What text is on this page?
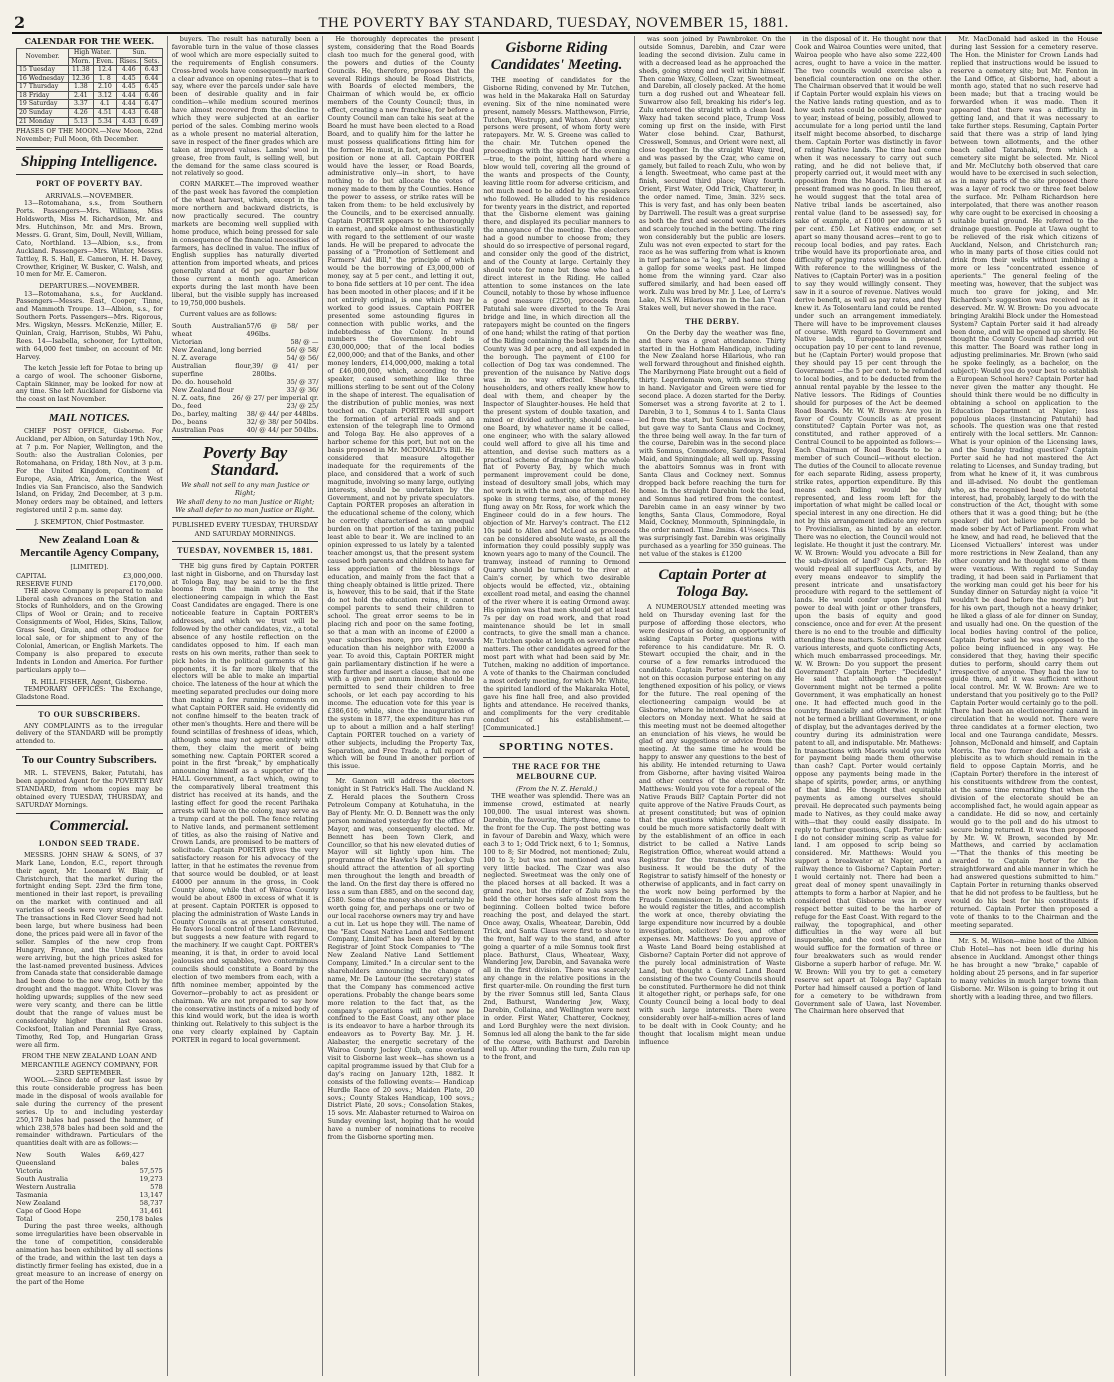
2	THE POVERTY BAY STANDARD, TUESDAY, NOVEMBER 15, 1881.
CALENDAR FOR THE WEEK.
November.	High Water.		Sun.	
	Morn.	Even.	Rises.	Sets.
15 Tuesday	11.38	12.4	4.46	6.43
16 Wednesday	12.36	1. 8	4.45	6.44
17 Thursday	1.38	2.10	4.45	6.45
18 Friday	2.41	3.12	4.44	6.46
19 Saturday	3.37	4.1	4.44	6.47
20 Sunday	4.26	4.51	4.43	6.48
21 Monday	5.13	5.34	4.43	6.49

PHASES OF THE MOON.—New Moon, 22nd November; Full Moon, 6th December.

Shipping Intelligence.
PORT OF POVERTY BAY.
ARRIVALS.—NOVEMBER.

13—Rotomahana, s.s., from Southern Ports. Passengers—Mrs. Williams, Miss Holdsworth, Miss M. Richardson, Mr. and Mrs. Hutchinson, Mr. and Mrs. Brown, Messrs. G. Grant, Sim, Doull, Nevill, William, Cato, Northland. 13—Albion, s.s., from Auckland. Passengers—Mrs. Winter, Messrs. Tattley, R. S. Hall, E. Cameron, H. H. Davey, Crowther, Kriginer, W. Busker, C. Walsh, and 10 men for Mr. E. Cameron.

DEPARTURES.—NOVEMBER.

13—Rotomahana, s.s., for Auckland. Passengers—Messrs. East, Cooper, Tinne, and Mammoth Troupe. 13—Albion, s.s., for Southern Ports. Passengers—Mrs. Rigorous, Mrs. Wigskyn, Messrs. McKenzie, Miller, E. Quinlan, Craig, Harrison, Stubbs, Wi Pahu, Rees. 14—Isabella, schooner, for Lyttelton, with 64,000 feet timber, on account of Mr. Harvey.

The ketch Jessie left for Potae to bring up a cargo of wool. The schooner Gisborne, Captain Skinner, may be looked for now at any time. She left Auckland for Gisborne via the coast on last November.

MAIL NOTICES.

CHIEF POST OFFICE, Gisborne. For Auckland, per Albion, on Saturday 19th Nov., at 7 p.m. For Napier, Wellington, and the South: also the Australian Colonies, per Rotomahana, on Friday, 18th Nov., at 3 p.m. For the United Kingdom, Continent of Europe, Asia, Africa, America, the West Indies via San Francisco, also the Sandwich Island, on Friday, 2nd December, at 3 p.m. Money orders may be obtained, and letters registered until 2 p.m. same day.

J. SKEMPTON, Chief Postmaster.
New Zealand Loan & Mercantile Agency Company,
[LIMITED].
CAPITAL	£3,000,000.
RESERVE FUND	£170,000.

THE above Company is prepared to make Liberal cash advances on the Station and Stocks of Runholders, and on the Growing Clips of Wool or Grain; and to receive Consignments of Wool, Hides, Skins, Tallow, Grass Seed, Grain, and other Produce for local sale, or for shipment to any of the Colonial, American, or English Markets. The Company is also prepared to execute Indents in London and America. For further particulars apply to—

R. HILL FISHER, Agent, Gisborne.

TEMPORARY OFFICES: The Exchange, Gladstone Road.

TO OUR SUBSCRIBERS.

ANY COMPLAINTS as to the irregular delivery of the STANDARD will be promptly attended to.

To our Country Subscribers.

MR. L. STEVENS, Baker, Patutahi, has been appointed Agent for the POVERTY BAY STANDARD, from whom copies may be obtained every TUESDAY, THURSDAY, and SATURDAY Mornings.

Commercial.
LONDON SEED TRADE.

MESSRS. JOHN SHAW & SONS, of 37 Mark Lane, London, E.C., report through their agent, Mr. Leonard W. Blair, of Christchurch, that the market during the fortnight ending Sept. 23rd the firm tone, mentioned in their last report, is prevailing on the market with continued and all varieties of seeds were very strongly held. The transactions in Red Clover Seed had not been large, but where business had been done, the prices paid were all in favor of the seller. Samples of the new crop from Hungary, France, and the United States were arriving, but the high prices asked for the last-named prevented business. Advices from Canada state that considerable damage had been done to the new crop, both by the drought and the maggot. White Clover was holding upwards; supplies of the new seed were very scanty, and there can be little doubt that the range of values must be considerably higher than last season. Cocksfoot, Italian and Perennial Rye Grass, Timothy, Red Top, and Hungarian Grass were all firm.

FROM THE NEW ZEALAND LOAN AND MERCANTILE AGENCY COMPANY, FOR 23RD SEPTEMBER.

WOOL.—Since date of our last issue by this route considerable progress has been made in the disposal of wools available for sale during the currency of the present series. Up to and including yesterday 250,178 bales had passed the hammer, of which 238,578 bales had been sold and the remainder withdrawn. Particulars of the quantities dealt with are as follows:—

New South Wales & Queensland
69,427 bales
Victoria	57,575
South Australia	19,273
Western Australia	578
Tasmania	13,147
New Zealand	58,737
Cape of Good Hope	31,461
Total	250,178 bales

During the past three weeks, although some irregularities have been observable in the tone of competition, considerable animation has been exhibited by all sections of the trade, and within the last ten days a distinctly firmer feeling has existed, due in a great measure to an increase of energy on the part of the Home

buyers. The result has naturally been a favorable turn in the value of those classes of wool which are more especially suited to the requirements of English consumers. Cross-bred wools have consequently marked a clear advance on opening rates—that is to say, where ever the parcels under sale have been of desirable quality and in fair condition—while medium scoured merinos have almost recovered from the decline to which they were subjected at an earlier period of the sales. Combing merino wools as a whole present no material alteration, save in respect of the finer grades which are taken at improved values. Lambs' wool in grease, free from fault, is selling well, but the demand for the same class scoured is not relatively so good.

CORN MARKET.—The improved weather of the past week has favored the completion of the wheat harvest, which, except in the more northern and backward districts, is now practically secured. The country markets are becoming well supplied with home produce, which being pressed for sale in consequence of the financial necessities of farmers, has declined in value. The influx of English supplies has naturally diverted attention from imported wheats, and prices generally stand at 6d per quarter below those current a month ago. American exports during the last month have been liberal, but the visible supply has increased to 19,750,000 bushels.

Current values are as follows:

South Australian wheat
57/6 @ 58/ per 496lbs.
Victorian	58/ @ —
New Zealand, long berried	56/ @ 58/
N. Z. average	54/ @ 56/
Australian flour, superfine
39/ @ 41/ per 280lbs.
Do. do. household	35/ @ 37/
New Zealand flour	33/ @ 36/
N. Z. oats, fine 26/ @ 27/ per imperial qr.
Do., feed	23/ @ 25/
Do., barley, malting 38/ @ 44/ per 448lbs.
Do., beans	32/ @ 38/ per 504lbs.
Australian Peas	40/ @ 44/ per 504lbs.
Poverty Bay Standard.
We shall not sell to any man Justice or Right;
We shall deny to no man Justice or Right;
We shall defer to no man Justice or Right.
PUBLISHED EVERY TUESDAY, THURSDAY AND SATURDAY MORNINGS.
TUESDAY, NOVEMBER 15, 1881.

THE big guns fired by Captain PORTER last night in Gisborne, and on Thursday last at Tologa Bay, may be said to be the first booms from the main army in the electioneering campaign in which the East Coast Candidates are engaged. There is one noticeable feature in Captain PORTER's addresses, and which we trust will be followed by the other candidates, viz., a total absence of any hostile reflection on the candidates opposed to him. If each man rests on his own merits, rather than seek to pick holes in the political garments of his opponents, it is far more likely that the electors will be able to make an impartial choice. The lateness of the hour at which the meeting separated precludes our doing more than making a few running comments on what Captain PORTER said. He evidently did not confine himself to the beaten track of other men's thoughts. Here and there will be found scintillas of freshness of ideas, which, although some may not agree entirely with them, they claim the merit of being something new. Captain PORTER scored a point in the first "break," by emphatically announcing himself as a supporter of the HALL Government, a fact which, owing to the comparatively liberal treatment this district has received at its hands, and the lasting effect for good the recent Parihaka arrests will have on the colony, may serve as a trump card at the poll. The fence relating to Native lands, and permanent settlement of titles, as also the raising of Native and Crown Lands, are promised to be matters of solicitude. Captain PORTER gives the very satisfactory reason for his advocacy of the latter, in that he estimates the revenue from that source would be doubled, or at least £4000 per annum in the gross, in Cook County alone, while that of Wairoa County would be about £800 in excess of what it is at present. Captain PORTER is opposed to placing the administration of Waste Lands in County Councils as at present constituted. He favors local control of the Land Revenue, but suggests a new feature with regard to the machinery. If we caught Capt. PORTER's meaning, it is that, in order to avoid local jealousies and squabbles, two conterminous councils should constitute a Board by the election of two members from each, with a fifth nominee member, appointed by the Governor—probably to act as president or chairman. We are not prepared to say how the conservative instincts of a mixed body of this kind would work, but the idea is worth thinking out. Relatively to this subject is the one very clearly explained by Captain PORTER in regard to local government.

He thoroughly deprecates the present system, considering that the Road Boards clash too much for the general good, with the powers and duties of the County Councils. He, therefore, proposes that the several Ridings should be Road Districts, with Boards of elected members, the Chairman of which would be, ex officio members of the County Council; thus, in effect, creating a new franchise, for before a County Council man can take his seat at the Board he must have been elected to a Road Board, and to qualify him for the latter he must possess qualifications fitting him for the former. He must, in fact, occupy the dual position or none at all. Captain PORTER would have the lesser, or Road Boards, administrative only—in short, to have nothing to do but allocate the votes of money made to them by the Counties. Hence the power to assess, or strike rates will be taken from them: to be held exclusively by the Councils, and to be exercised annually. Captain PORTER appears to be thoroughly in earnest, and spoke almost enthusiastically with regard to the settlement of our waste lands. He will be prepared to advocate the passing of a "Promotion of Settlement and Farmers' Aid Bill," the principle of which would be the borrowing of £3,000,000 of money, say at 5 per cent., and letting it out, to bona fide settlers at 10 per cent. The idea has been mooted in other places; and if it be not entirely original, is one which may be worked to good issues. Captain PORTER presented some astounding figures in connection with public works, and the indebtedness of the Colony. In round numbers the Government debt is £30,000,000; that of the local bodies £2,000,000; and that of the Banks, and other money lenders, £14,000,000, making a total of £46,000,000, which, according to the speaker, caused something like three millions sterling to be sent out of the Colony in the shape of interest. The equalisation of the distribution of public monies, was next touched on. Captain PORTER will support the formation of arterial roads and an extension of the telegraph line to Ormond and Tologa Bay. He also approves of a harbor scheme for this port, but not on the basis proposed in Mr. MCDONALD's Bill. He considered that measure altogether inadequate for the requirements of the place, and considered that a work of such magnitude, involving so many large, outlying interests, should be undertaken by the Government, and not by private speculators. Captain PORTER proposes an alteration in the educational scheme of the colony, which he correctly characterised as an unequal burden on that portion of the taxing public least able to bear it. We are inclined to an opinion expressed to us lately by a talented teacher amongst us, that the present system caused both parents and children to have far less appreciation of the blessings of education, and mainly from the fact that a thing cheaply obtained is little prized. There is, however, this to be said, that if the State do not hold the education reins, it cannot compel parents to send their children to school. The great error seems to be in placing rich and poor on the same footing, so that a man with an income of £2000 a year subscribes more, pro rata, towards education than his neighbor with £2000 a year. To avoid this, Captain PORTER might gain parliamentary distinction if he were a step further and insert a clause, that no one with a given per annum income should be permitted to send their children to free schools, or let each pay according to his income. The education vote for this year is £386,616; while, since the inauguration of the system in 1877, the expenditure has run up to about a million and a half sterling! Captain PORTER touched on a variety of other subjects, including the Property Tax, Separation, and Free Trade, a full report of which will be found in another portion of this issue.

Mr. Gannon will address the electors tonight in St Patrick's Hall. The Auckland N. Z. Herald places the Southern Cross Petroleum Company at Kotuhatuha, in the Bay of Plenty. Mr. O. D. Bennett was the only person nominated yesterday for the office of Mayor, and was, consequently elected. Mr. Bennett has been Town Clerk, and Councillor, so that his new elevated duties of Mayor will sit lightly upon him. The programme of the Hawke's Bay Jockey Club should attract the attention of all sporting men throughout the length and breadth of the land. On the first day there is offered no less a sum than £885, and on the second day, £580. Some of the money should certainly be worth going for, and perhaps one or two of our local racehorse owners may try and have a cut in. Let us hope they will. The name of the "East Coast Native Land and Settlement Company, Limited" has been altered by the Registrar of Joint Stock Companies to "The New Zealand Native Land Settlement Company, Limited." In a circular sent to the shareholders announcing the change of name, Mr. De Lautour (the secretary) states that the Company has commenced active operations. Probably the change bears some more relation to the fact that, as the company's operations will not now be confined to the East Coast, any other place is its endeavor to have a harbor through its endeavors as to Poverty Bay. Mr. J. H. Alabaster, the energetic secretary of the Wairoa County Jockey Club, came overland visit to Gisborne last week—has shown us a capital programme issued by that Club for a day's racing on January 12th, 1882. It consists of the following events:— Handicap Hurdle Race of 20 sovs.; Maiden Plate, 20 sovs.; County Stakes Handicap, 100 sovs.; District Plate, 20 sovs.; Consolation Stakes, 15 sovs. Mr. Alabaster returned to Wairoa on Sunday evening last, hoping that he would have a number of nominations to receive from the Gisborne sporting men.

Gisborne Riding Candidates' Meeting.

THE meeting of candidates for the Gisborne Riding, convened by Mr. Tutchen, was held in the Makaraka Hall on Saturday evening. Six of the nine nominated were present, namely Messrs. Matthewson, Firrie, Tutchen, Westrupp, and Watson. About sixty persons were present, of whom forty were ratepayers. Mr. W. S. Greene was called to the chair. Mr. Tutchen opened the proceedings with the speech of the evening—true, to the point, hitting hard where a blow would tell, covering all the ground of the wants and prospects of the County, leaving little room for adverse criticism, and not much need to be added by the speakers who followed. He alluded to his residence for twenty years in the district, and reported that the Gisborne element was gaining there, and displayed its peculiar manners to the annoyance of the meeting. The electors had a good number to choose from; they should do so irrespective of personal regard, and consider only the good of the district, and of the County at large. Certainly they should vote for none but those who had a direct interest in the Riding. He called attention to some instances on the late Council, notably to those by whose influence a good measure (£250), proceeds from Patutahi sale were diverted to the Te Arai bridge and line, in which direction all the ratepayers might be counted on the fingers of one hand; whilst the rating of that portion of the Riding containing the best lands in the County was 3d per acre, and all expended in the borough. The payment of £100 for collection of Dog tax was condemned. The prevention of the nuisance by Native dogs was in no way effected. Shepherds, householders, and others really knew how to deal with them, and cheaper by the Inspector of Slaughter-houses. He held that the present system of double taxation, and mixed or divided authority, should cease—one Board, by whatever name it be called, one engineer, who with the salary allowed could well afford to give all his time and attention, and devise such matters as a practical scheme of drainage for the whole flat of Poverty Bay, by which much permanent improvement could be done, instead of desultory small jobs, which may not work in with the next one attempted. He spoke in strong terms, also, of the money flung away on Mr. Ross, for work which the Engineer could do in a few hours. The objection of Mr. Harvey's contract. The £12 10s paid to Allen and McLeod as proceeds can be considered absolute waste, as all the information they could possibly supply was known years ago to many of the Council. The tramway, instead of running to Ormond Quarry should be turned to the river at Cain's corner, by which two desirable objects would be effected, viz., obtaining excellent road metal, and easing the channel of the river where it is eating Ormond away. His opinion was that men should get at least 7s per day on road work, and that road maintenance should be let in small contracts, to give the small man a chance. Mr. Tutchen spoke at length on several other matters. The other candidates agreed for the most part with what had been said by Mr. Tutchen, making no addition of importance. A vote of thanks to the Chairman concluded a most orderly meeting, for which Mr. White, the spirited landlord of the Makaraka Hotel, gave his fine hall free, and also provided lights and attendance. He received thanks, and compliments for the very creditable conduct of his establishment.—[Communicated.]

SPORTING NOTES.
THE RACE FOR THE MELBOURNE CUP.
(From the N. Z. Herald.)

THE weather was splendid. There was an immense crowd, estimated at nearly 100,000. The usual interest was shown. Darebin, the favourite, thirty-three, came to the front for the Cup. The post betting was in favour of Darebin and Waxy, which were each 3 to 1; Odd Trick next, 6 to 1; Somnus, 100 to 8; Sir Modred, not mentioned; Zulu, 100 to 3; but was not mentioned and was very little backed. The Czar was also neglected. Sweetmeat was the only one of the placed horses at all backed. It was a grand race, but the rider of Zulu says he held the other horses safe almost from the beginning. Colleen bolted twice before reaching the post, and delayed the start. Once away, Oxalis, Wheatear, Darebin, Odd Trick, and Santa Claus were first to show to the front, half way to the stand, and after going a quarter of a mile Somnus took first place. Bathurst, Claus, Wheatear, Waxy, Wandering Jew, Darebin, and Savanaka were all in the first division. There was scarcely any change in the relative positions in the first quarter-mile. On rounding the first turn by the river Somnus still led, Santa Claus 2nd, Bathurst, Wandering Jew, Waxy, Darebin, Collaina, and Wellington were next in order. First Water, Chatterer, Cockney, and Lord Burghley were the next division. Somnus led all along the bank to the far side of the course, with Bathurst and Darebin well up. After rounding the turn, Zulu ran up to the front, and

was soon joined by Pawnbroker. On the outside Somnus, Darebin, and Czar were leading the second division. Zulu came in with a decreased lead as he approached the sheds, going strong and well within himself. Then came Waxy, Colleen, Czar, Sweetmeat, and Darebin, all closely packed. At the home turn a dog rushed out and Wheatear fell. Suwarrow also fell, breaking his rider's leg. Zulu entered the straight with a clean lead. Waxy had taken second place, Trump Voss coming up first on the inside, with First Water close behind. Czar, Bathurst, Cresswell, Somnus, and Orient were next, all close together. In the straight Waxy tired, and was passed by the Czar, who came on gamely, but failed to reach Zulu, who won by a length. Sweetmeat, who came past at the finish, secured third place; Waxy fourth. Orient, First Water, Odd Trick, Chatterer, in the order named. Time, 3min. 32½ secs. This is very fast, and has only been beaten by Darriwell. The result was a great surprise as both the first and second were outsiders and scarcely touched in the betting. The ring won considerably but the public are losers. Zulu was not even expected to start for the race as he was suffering from what is known in turf parlance as "a leg," and had not done a gallop for some weeks past. He limped home from the winning yard. Czar also suffered similarly, and had been eased off work. Zulu was bred by Mr. J. Lee, of Lerra's Lake, N.S.W. Hilarious ran in the Lan Y'ean Stakes well, but never showed in the race.

THE DERBY.

On the Derby day the weather was fine, and there was a great attendance. Thirty started in the Hotham Handicap, including the New Zealand horse Hilarious, who ran well forward throughout and finished eighth. The Maribyrnong Plate brought out a field of thirty. Legerdemain won, with some strong in hand. Navigator and Green were tied for second place. A dozen started for the Derby. Somerset was a strong favorite at 2 to 1. Darebin, 3 to 1, Somnus 4 to 1. Santa Claus led from the start, but Somnus was in front, but gave way to Santa Claus and Cockney, the three being well away. In the far turn of the course, Darebin was in the second place with Somnus, Commodore, Sardonyx, Royal Maid, and Spinningdale; all well up. Passing the abattoirs Somnus was in front with Santa Claus and Cockney next. Somnus dropped back before reaching the turn for home. In the straight Darebin took the lead, and Somnus had retired from the contest. Darebin came in an easy winner by two lengths, Santa Claus, Commodore, Royal Maid, Cockney, Monmouth, Spinningdale, in the order named. Time 2mins. 41½secs. This was surprisingly fast. Darebin was originally purchased as a yearling for 350 guineas. The net value of the stakes is £1200

Captain Porter at Tologa Bay.

A NUMEROUSLY attended meeting was held on Thursday evening last for the purpose of affording those electors, who were desirous of so doing, an opportunity of asking Captain Porter questions with reference to his candidature. Mr. R. O. Stewart occupied the chair, and in the course of a few remarks introduced the candidate. Captain Porter said that he did not on this occasion purpose entering on any lengthened exposition of his policy, or views for the future. The real opening of the electioneering campaign would be at Gisborne, where he intended to address the electors on Monday next. What he said at this meeting must not be deemed altogether an enunciation of his views, he would be glad of any suggestions or advice from the meeting. At the same time he would be happy to answer any questions to the best of his ability. He intended returning to Uawa from Gisborne, after having visited Wairoa and other centres of the electorate. Mr. Matthews: Would you vote for a repeal of the Native Frauds Bill? Captain Porter did not quite approve of the Native Frauds Court, as at present constituted; but was of opinion that the questions which came before it could be much more satisfactorily dealt with by the establishment of an office in each district to be called a Native Lands Registration Office, whereat would attend a Registrar for the transaction of Native business. It would be the duty of the Registrar to satisfy himself of the honesty or otherwise of applicants, and in fact carry on the work now being performed by the Frauds Commissioner. In addition to which he would register the titles, and accomplish the work at once, thereby obviating the large expenditure now incurred by a double investigation, solicitors' fees, and other expenses. Mr. Matthews: Do you approve of a Waste Land Board being established at Gisborne? Captain Porter did not approve of the purely local administration of Waste Land, but thought a General Land Board consisting of the two County Councils should be constituted. Furthermore he did not think it altogether right, or perhaps safe, for one County Council being a local body to deal with such large interests. There were considerably over half-a-million acres of land to be dealt with in Cook County; and he thought that localism might mean undue influence

in the disposal of it. He thought now that Cook and Wairoa Counties were united, that Wairoa people who have also some 222,400 acres, ought to have a voice in the matter. The two councils would exercise also a beneficial counteraction one on the other. The Chairman observed that it would be well if Captain Porter would explain his views on the Native lands rating question, and as to how such rates could be collected from year to year, instead of being, possibly, allowed to accumulate for a long period until the land itself might become absorbed, to discharge them. Captain Porter was distinctly in favor of rating Native lands. The time had come when it was necessary to carry out such rating, and he did not believe that, if properly carried out, it would meet with any opposition from the Maoris. The Bill as at present framed was no good. In lieu thereof, he would suggest that the total area of Native tribal lands be ascertained, also rental value (land to be assessed) say, for sake of example, at £1000 per annum at 5 per cent. £50. Let Natives endow, or set apart so many thousand acres—rent to go to recoup local bodies, and pay rates. Each tribe would have its proportionate area, and difficulty of paying rates would be obviated. With reference to the willingness of the Natives to (Captain Porter) was in a position to say they would willingly consent. They saw in it a source of revenue. Natives would derive benefit, as well as pay rates, and they knew it. As Tolosentaru land could be rented under such an arrangement immediately. There will have to be improvement clauses of course. With regard to Government and Native lands, Europeans in present occupation pay 10 per cent to land revenue, but he (Captain Porter) would propose that they should pay 15 per cent through the Government —the 5 per cent. to be refunded to local bodies, and to be deducted from the annual rental payable by the lessee to the Native lessors. The Ridings of Counties should for purposes of the Act be deemed Road Boards. Mr. W. W. Brown: Are you in favor of County Councils as at present constituted? Captain Porter was not, as constituted, and rather approved of a Central Council to be appointed as follows:—Each Chairman of Road Boards to be a member of such Council—without election. The duties of the Council to allocate revenue for each separate Riding, assess property, strike rates, apportion expenditure. By this means each Riding would be duly represented, and less room left for the importation of what might be called local or special interest in any one direction. He did not by this arrangement indicate any return to Provincialism, as hinted by an elector. There was no election, the Council would not legislate. He thought it just the contrary. Mr. W. W. Brown: Would you advocate a Bill for the sub-division of land? Capt. Porter: He would repeal all superfluous Acts, and by every means endeavor to simplify the present intricate and unsatisfactory procedure with regard to the settlement of lands. He would confer upon Judges full power to deal with joint or other transfers, upon the basis of equity and good conscience, once and for ever. At the present there is no end to the trouble and difficulty attending these matters. Solicitors represent various interests, and quote conflicting Acts, which much embarrassed proceedings. Mr. W. W. Brown: Do you support the present Government? Captain Porter: "Decidedly." He said that although the present Government might not be termed a polite Government, it was emphatically an honest one. It had effected much good in the country, financially and otherwise. It might not be termed a brilliant Government, or one of display, but the advantages derived by the country during its administration were patent to all, and indisputable. Mr. Mathews: In transactions with Maoris would you vote for payment being made them otherwise than cash? Capt. Porter would certainly oppose any payments being made in the shape of spirits, powder, arms, or anything of that kind. He thought that equitable payments as among ourselves should prevail. He deprecated such payments being made to Natives, as they could make away with—that they could easily dissipate. In reply to further questions, Capt. Porter said: I do not consider mining scrip as value for land. I am opposed to scrip being so considered. Mr. Matthews: Would you support a breakwater at Napier, and a railway thence to Gisborne? Captain Porter: I would certainly not. There had been a great deal of money spent unavailingly in attempts to form a harbor at Napier, and he considered that Gisborne was in every respect better suited to be the harbor of refuge for the East Coast. With regard to the railway, the topographical, and other difficulties in the way were all but insuperable, and the cost of such a line would suffice for the formation of three or four breakwaters such as would render Gisborne a superb harbor of refuge. Mr. W. W. Brown: Will you try to get a cemetery reserve set apart at Tologa Bay? Captain Porter had himself caused a portion of land for a cemetery to be withdrawn from Government sale of Uawa, last November. The Chairman here observed that

Mr. MacDonald had asked in the House during last Session for a cemetery reserve. The Hon. the Minister for Crown Lands had replied that instructions would be issued to reserve a cemetery site; but Mr. Fenton in the Land Office, at Gisborne, had, about a month ago, stated that no such reserve had been made; but that a tracing would be forwarded when it was made. Then it appeared that there was a difficulty in getting land, and that it was necessary to take further steps. Resuming, Captain Porter said that there was a strip of land lying between town allotments, and the other beach called Tatarahaki, from which a cemetery site might be selected. Mr. Nicol and Mr. McClutchy both observed that care would have to be exercised in such selection, as in many parts of the site proposed there was a layer of rock two or three feet below the surface. Mr. Pelham Richardson here interpolated, that there was another reason why care ought to be exercised in choosing a suitable burial ground. He referred to the drainage question. People at Uawa ought to be relieved of the risk which citizens of Auckland, Nelson, and Christchurch ran; who in many parts of those cities could not drink from their wells without imbibing a more or less "concentrated essence of aperients." The general feeling of the meeting was, however, that the subject was much too grave for joking, and Mr. Richardson's suggestion was received as it deserved. Mr. W. W. Brown: Do you advocate bringing Arakihi Block under the Homestead System? Captain Porter said it had already been done, and will be opened up shortly. He thought the County Council had carried out this matter. The Board was rather long in adjusting preliminaries. Mr. Brown (who said he spoke feelingly, as a bachelor, on the subject): Would you do your best to establish a European School here? Captain Porter had never given the matter any thought. He should think there would be no difficulty in obtaining a school on application to the Education Department at Napier; less populous places (instancing Patutahi) had schools. The question was one that rested entirely with the local settlers. Mr. Cannon: What is your opinion of the Licensing laws, and the Sunday trading question? Captain Porter said he had not mastered the Act relating to Licenses, and Sunday trading, but from what he knew of it, it was cumbrous and ill-advised. No doubt the gentleman who, as the recognised head of the teetotal interest, had, probably, largely to do with the construction of the Act, thought with some others that it was a good thing; but he (the speaker) did not believe people could be made sober by Act of Parliament. From what he knew, and had read, he believed that the Licensed Victuallers' interest was under more restrictions in New Zealand, than any other country and he thought some of them were vexatious. With regard to Sunday trading, it had been said in Parliament that the working man could get his beer for his Sunday dinner on Saturday night (a voice "it wouldn't be dead before the morning") but for his own part, though not a heavy drinker, he liked a glass of ale for dinner on Sunday, and usually had one. On the question of the local bodies having control of the police, Captain Porter said he was opposed to the police being influenced in any way. He considered that they, having their specific duties to perform, should carry them out irrespective of anyone. They had the law to guide them, and it was sufficient without local control. Mr. W. W. Brown: Are we to understand that you positively go to the Poll? Captain Porter would certainly go to the poll. There had been an electioneering canard in circulation that he would not. There were three candidates at a former election, two local and one Tauranga candidate, Messrs. Johnson, McDonald and himself, and Captain Morris. The two former declined to risk a plebiscite as to which should remain in the field to oppose Captain Morris, and he (Captain Porter) therefore in the interest of his constituents withdrew from the contest, at the same time remarking that when the division of the electorate should be an accomplished fact, he would again appear as a candidate. He did so now, and certainly would go to the poll and do his utmost to secure being returned. It was then proposed by Mr. W. W. Brown, seconded by Mr. Matthews, and carried by acclamation—"That the thanks of this meeting be awarded to Captain Porter for the straightforward and able manner in which he had answered questions submitted to him." Captain Porter in returning thanks observed that he did not profess to be faultless, but he would do his best for his constituents if returned. Captain Porter then proposed a vote of thanks to to the Chairman and the meeting separated.

Mr. S. M. Wilson—mine host of the Albion Club Hotel—has not been idle during his absence in Auckland. Amongst other things he has brought a new "brake," capable of holding about 25 persons, and in far superior to many vehicles in much larger towns than Gisborne. Mr. Wilson is going to bring it out shortly with a leading three, and two fillers.
